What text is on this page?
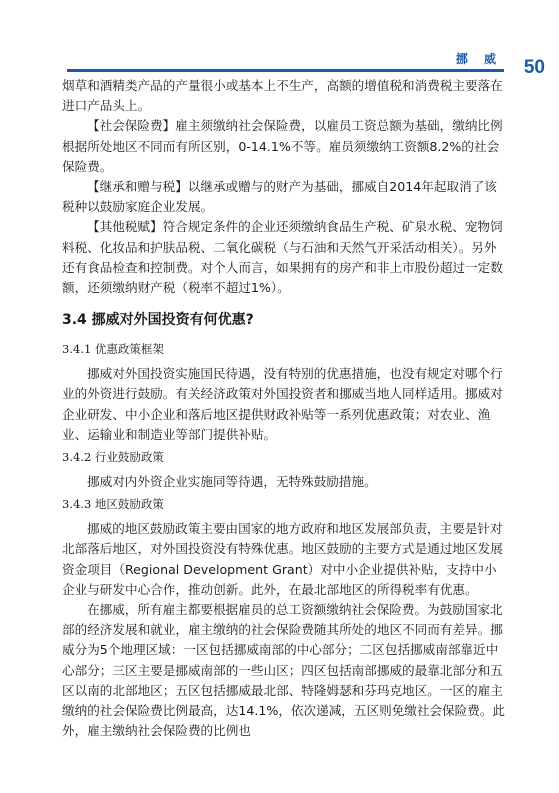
挪 威 50

烟草和酒精类产品的产量很小或基本上不生产，高额的增值税和消费税主要落在进口产品头上。

【社会保险费】雇主须缴纳社会保险费，以雇员工资总额为基础，缴纳比例根据所处地区不同而有所区别，0-14.1%不等。雇员须缴纳工资额8.2%的社会保险费。

【继承和赠与税】以继承或赠与的财产为基础，挪威自2014年起取消了该税种以鼓励家庭企业发展。

【其他税赋】符合规定条件的企业还须缴纳食品生产税、矿泉水税、宠物饲料税、化妆品和护肤品税、二氧化碳税（与石油和天然气开采活动相关）。另外还有食品检查和控制费。对个人而言，如果拥有的房产和非上市股份超过一定数额，还须缴纳财产税（税率不超过1%）。

3.4 挪威对外国投资有何优惠?
3.4.1 优惠政策框架

挪威对外国投资实施国民待遇，没有特别的优惠措施，也没有规定对哪个行业的外资进行鼓励。有关经济政策对外国投资者和挪威当地人同样适用。挪威对企业研发、中小企业和落后地区提供财政补贴等一系列优惠政策；对农业、渔业、运输业和制造业等部门提供补贴。

3.4.2 行业鼓励政策

挪威对内外资企业实施同等待遇，无特殊鼓励措施。

3.4.3 地区鼓励政策

挪威的地区鼓励政策主要由国家的地方政府和地区发展部负责，主要是针对北部落后地区，对外国投资没有特殊优惠。地区鼓励的主要方式是通过地区发展资金项目（Regional Development Grant）对中小企业提供补贴，支持中小企业与研发中心合作，推动创新。此外，在最北部地区的所得税率有优惠。

在挪威，所有雇主都要根据雇员的总工资额缴纳社会保险费。为鼓励国家北部的经济发展和就业，雇主缴纳的社会保险费随其所处的地区不同而有差异。挪威分为5个地理区域：一区包括挪威南部的中心部分；二区包括挪威南部靠近中心部分；三区主要是挪威南部的一些山区；四区包括南部挪威的最靠北部分和五区以南的北部地区；五区包括挪威最北部、特隆姆瑟和芬玛克地区。一区的雇主缴纳的社会保险费比例最高，达14.1%，依次递减，五区则免缴社会保险费。此外，雇主缴纳社会保险费的比例也
